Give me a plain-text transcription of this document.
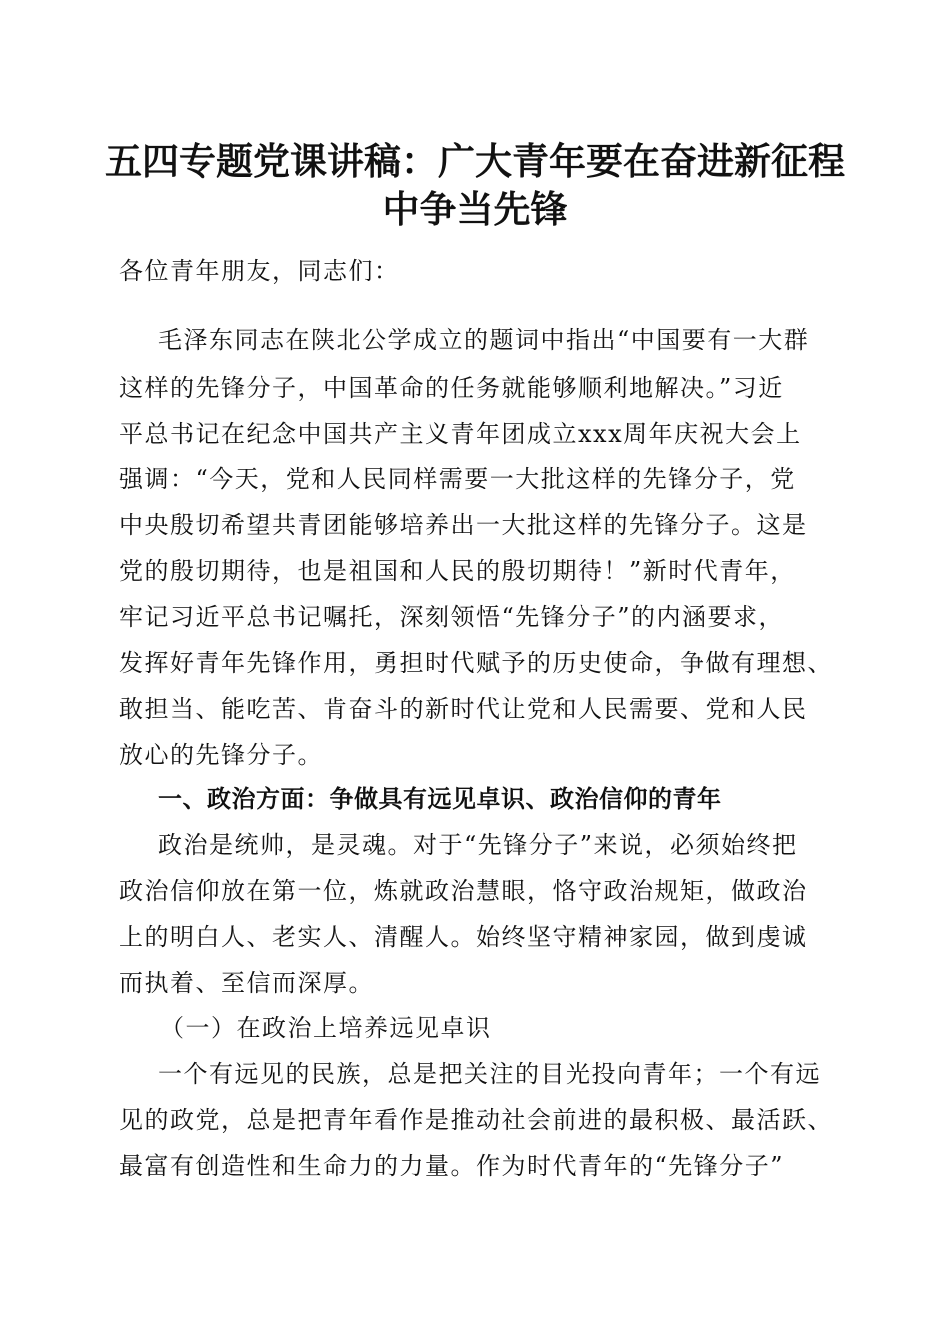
五四专题党课讲稿：广大青年要在奋进新征程
中争当先锋
各位青年朋友，同志们：
毛泽东同志在陕北公学成立的题词中指出“中国要有一大群
这样的先锋分子，中国革命的任务就能够顺利地解决。”习近
平总书记在纪念中国共产主义青年团成立xxx周年庆祝大会上
强调：“今天，党和人民同样需要一大批这样的先锋分子，党
中央殷切希望共青团能够培养出一大批这样的先锋分子。这是
党的殷切期待，也是祖国和人民的殷切期待！”新时代青年，
牢记习近平总书记嘱托，深刻领悟“先锋分子”的内涵要求，
发挥好青年先锋作用，勇担时代赋予的历史使命，争做有理想、
敢担当、能吃苦、肯奋斗的新时代让党和人民需要、党和人民
放心的先锋分子。
一、政治方面：争做具有远见卓识、政治信仰的青年
政治是统帅，是灵魂。对于“先锋分子”来说，必须始终把
政治信仰放在第一位，炼就政治慧眼，恪守政治规矩，做政治
上的明白人、老实人、清醒人。始终坚守精神家园，做到虔诚
而执着、至信而深厚。
（一）在政治上培养远见卓识
一个有远见的民族，总是把关注的目光投向青年；一个有远
见的政党，总是把青年看作是推动社会前进的最积极、最活跃、
最富有创造性和生命力的力量。作为时代青年的“先锋分子”
